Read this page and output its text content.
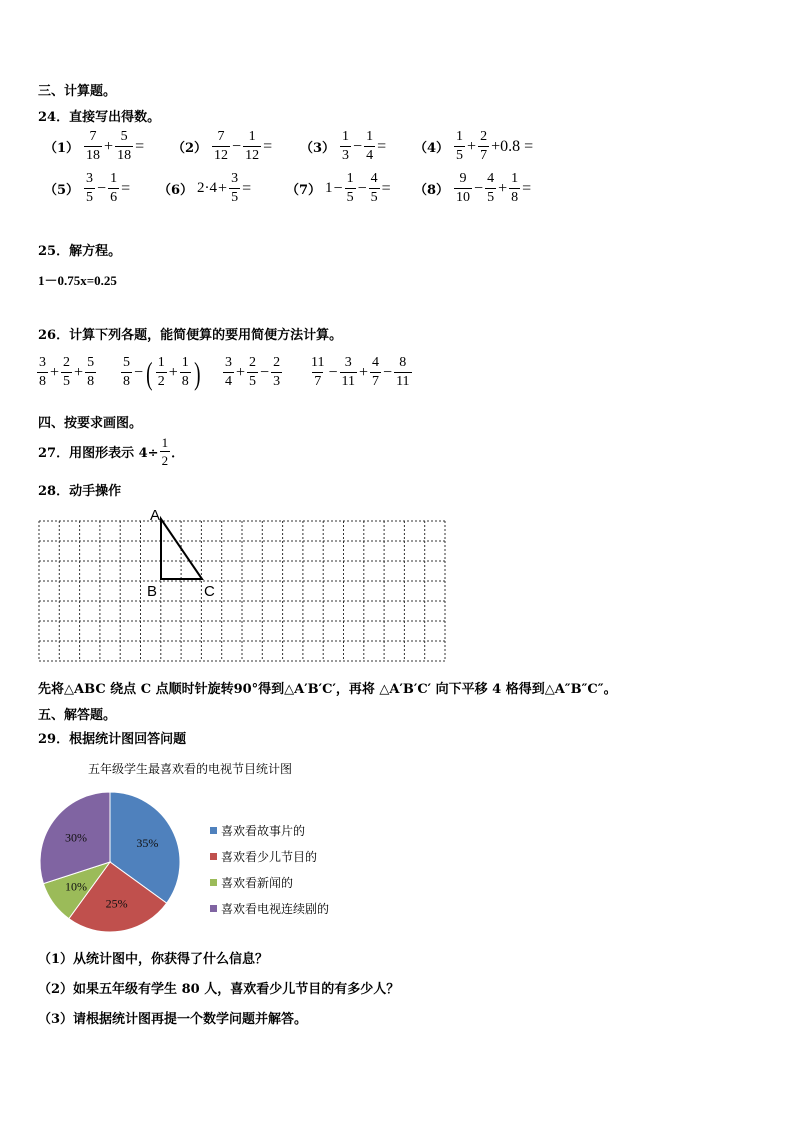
三、计算题。
24．直接写出得数。
$(1) \frac{7}{18} + \frac{5}{18} = (2) \frac{7}{12} - \frac{1}{12} = (3) \frac{1}{3} - \frac{1}{4} = (4) \frac{1}{5} + \frac{2}{7} +0.8$ =
$(5) \frac{3}{5} - \frac{1}{6} = (6)$ $2\cdot 4+ \frac{3}{5}$ =	（7） $1- \frac{1}{5} - \frac{4}{5} = (8) \frac{9}{10} - \frac{4}{5} + \frac{1}{8}$ =
25．解方程。
1－0.75x=0.25
26．计算下列各题，能简便算的要用简便方法计算。
$\frac{3}{8} + \frac{2}{5} + \frac{5}{8} \frac{5}{8}$ −( $\frac{1}{2} + \frac{1}{8}$ ) $\frac{3}{4} + \frac{2}{5} - \frac{2}{3} \frac{11}{7} - \frac{3}{11} + \frac{4}{7} - \frac{8}{11}$
四、按要求画图。
27．用图形表示 $4\div \frac{1}{2}$ ．
28．动手操作
A
B	C
先将△ABC 绕点 C 点顺时针旋转90°得到△A′B′C′，再将 △A′B′C′ 向下平移 4 格得到△A″B″C″。
五、解答题。
29．根据统计图回答问题
五年级学生最喜欢看的电视节目统计图
35%
25%
10%
30%	喜欢看故事片的
喜欢看少儿节目的
喜欢看新闻的
喜欢看电视连续剧的
（1）从统计图中，你获得了什么信息？
（2）如果五年级有学生 80 人，喜欢看少儿节目的有多少人？
（3）请根据统计图再提一个数学问题并解答。
